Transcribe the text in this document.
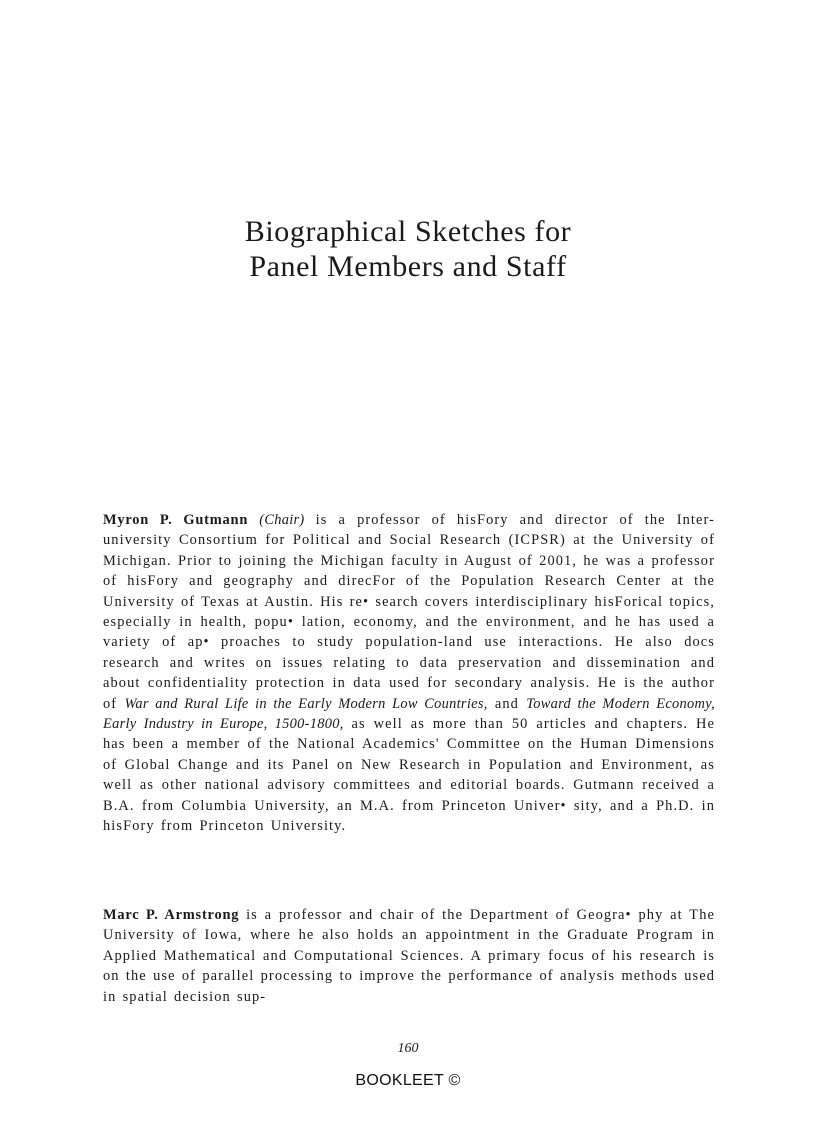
Biographical Sketches for
Panel Members and Staff

Myron P. Gutmann (Chair) is a professor of hisFory and director of the Inter-university Consortium for Political and Social Research (ICPSR) at the University of Michigan. Prior to joining the Michigan faculty in August of 2001, he was a professor of hisFory and geography and direcFor of the Population Research Center at the University of Texas at Austin. His re• search covers interdisciplinary hisForical topics, especially in health, popu• lation, economy, and the environment, and he has used a variety of ap• proaches to study population-land use interactions. He also docs research and writes on issues relating to data preservation and dissemination and about confidentiality protection in data used for secondary analysis. He is the author of War and Rural Life in the Early Modern Low Countries, and Toward the Modern Economy, Early Industry in Europe, 1500-1800, as well as more than 50 articles and chapters. He has been a member of the National Academics' Committee on the Human Dimensions of Global Change and its Panel on New Research in Population and Environment, as well as other national advisory committees and editorial boards. Gutmann received a B.A. from Columbia University, an M.A. from Princeton Univer• sity, and a Ph.D. in hisFory from Princeton University.

Marc P. Armstrong is a professor and chair of the Department of Geogra• phy at The University of Iowa, where he also holds an appointment in the Graduate Program in Applied Mathematical and Computational Sciences. A primary focus of his research is on the use of parallel processing to improve the performance of analysis methods used in spatial decision sup-

160
BOOKLEET ©
